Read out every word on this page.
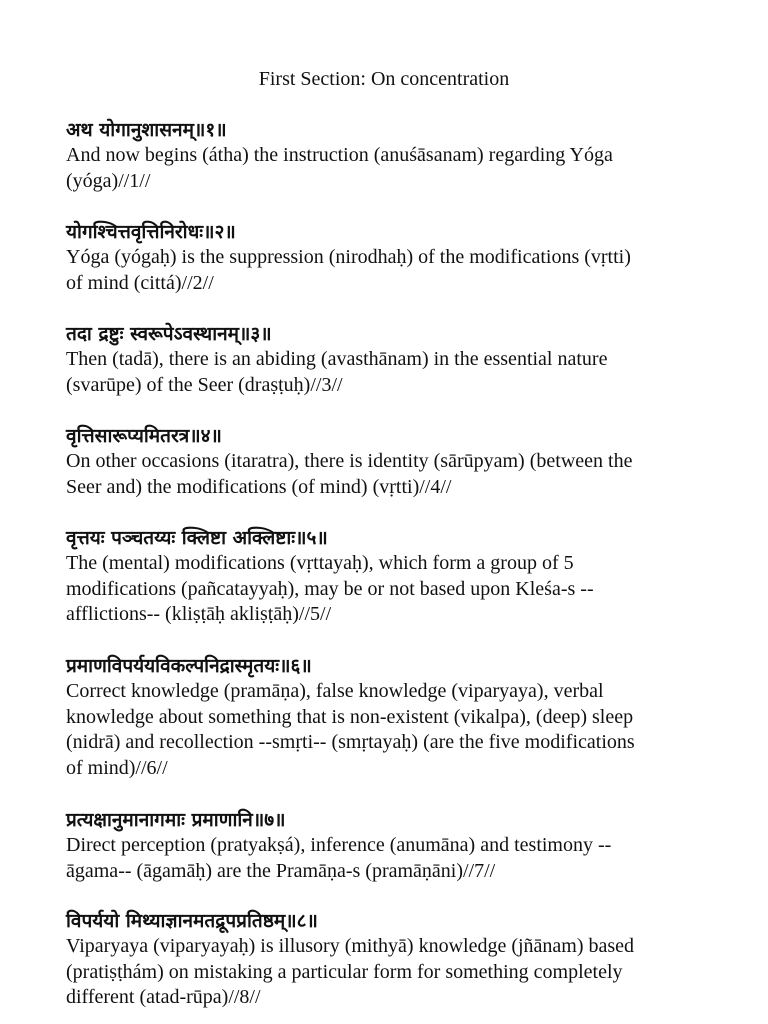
First Section: On concentration
अथ योगानुशासनम्॥१॥
And now begins (átha) the instruction (anuśāsanam) regarding Yóga
(yóga)//1//
योगश्चित्तवृत्तिनिरोधः॥२॥
Yóga (yógaḥ) is the suppression (nirodhaḥ) of the modifications (vṛtti)
of mind (cittá)//2//
तदा द्रष्टुः स्वरूपेऽवस्थानम्॥३॥
Then (tadā), there is an abiding (avasthānam) in the essential nature
(svarūpe) of the Seer (draṣṭuḥ)//3//
वृत्तिसारूप्यमितरत्र॥४॥
On other occasions (itaratra), there is identity (sārūpyam) (between the
Seer and) the modifications (of mind) (vṛtti)//4//
वृत्तयः पञ्चतय्यः क्लिष्टा अक्लिष्टाः॥५॥
The (mental) modifications (vṛttayaḥ), which form a group of 5
modifications (pañcatayyaḥ), may be or not based upon Kleśa-s --
afflictions-- (kliṣṭāḥ akliṣṭāḥ)//5//
प्रमाणविपर्ययविकल्पनिद्रास्मृतयः॥६॥
Correct knowledge (pramāṇa), false knowledge (viparyaya), verbal
knowledge about something that is non-existent (vikalpa), (deep) sleep
(nidrā) and recollection --smṛti-- (smṛtayaḥ) (are the five modifications
of mind)//6//
प्रत्यक्षानुमानागमाः प्रमाणानि॥७॥
Direct perception (pratyakṣá), inference (anumāna) and testimony --
āgama-- (āgamāḥ) are the Pramāṇa-s (pramāṇāni)//7//
विपर्ययो मिथ्याज्ञानमतद्रूपप्रतिष्ठम्॥८॥
Viparyaya (viparyayaḥ) is illusory (mithyā) knowledge (jñānam) based
(pratiṣṭhám) on mistaking a particular form for something completely
different (atad-rūpa)//8//
